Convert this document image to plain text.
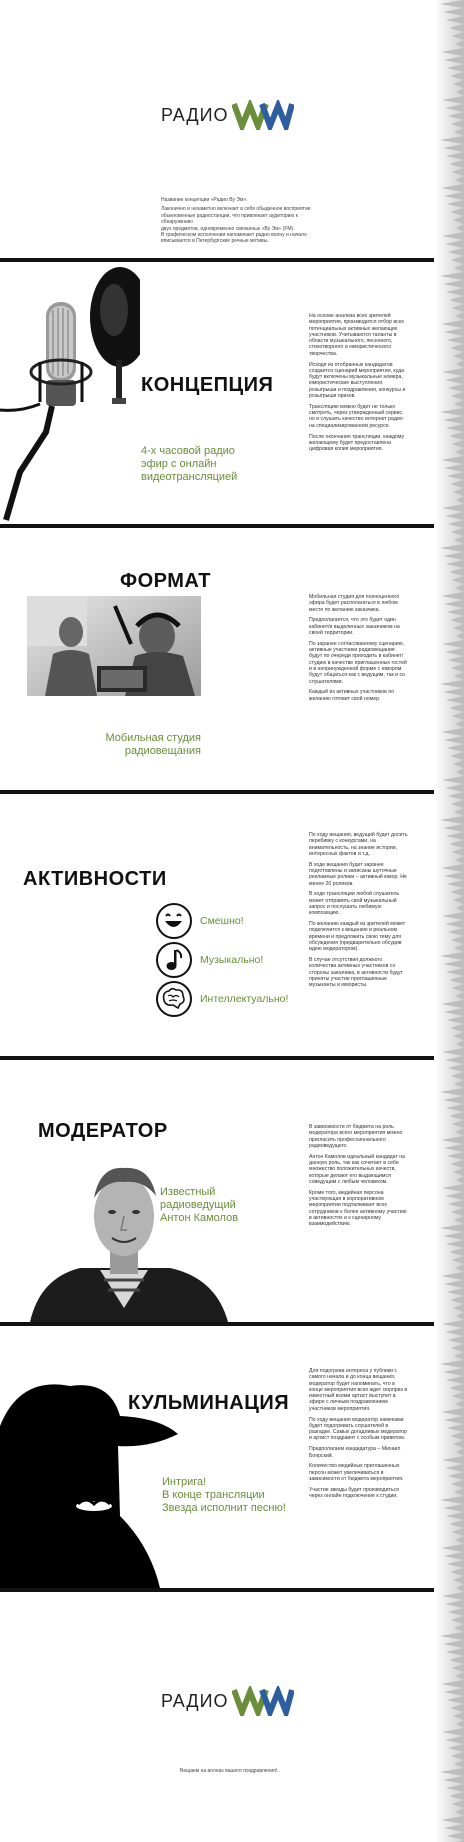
РАДИО
Название концепции «Радио Ву Эм».
Лаконично и незаметно включает в себя обыденное восприятие
обыкновенные радиостанции, что привлекает аудиторию к обнаружению
двух предметов, одновременно связанных «Ву Эм» (FM).
В графическом исполнении напоминает радио волну и начало
вписывается в Петербургские речные мотивы.
КОНЦЕПЦИЯ
4-х часовой радио
эфир с онлайн
видеотрансляцией

На основе анализа всех зрителей мероприятия, производится отбор всех потенциальных активных желающих участников. Учитываются таланты в области музыкального, песенного, стихотворного и юмористического творчества.

Исходя из отобранных кандидатов создается сценарий мероприятия, куда будут включены музыкальные номера, юмористические выступления, розыгрыши и поздравления, конкурсы и розыгрыши призов.

Трансляцию можно будет не только смотреть, через утвержденный сервис, но и слушать качество интернет радио на специализированном ресурсе.

После окончания трансляции, каждому желающему будет предоставлена цифровая копия мероприятия.

ФОРМАТ
Мобильная студия
радиовещания

Мобильная студия для полноценного эфира будет располагаться в любом месте по желанию заказчика.

Предполагается, что это будет один кабинет/и выделенных заказчиком на своей территории.

По заранее согласованному сценарию, активные участники радиовещания будут по очереди приходить в кабинет/студию в качестве приглашенных гостей и в непринужденной форме с юмором будут общаться как с ведущим, так и со слушателями.

Каждый из активных участников по желанию готовит свой номер.

АКТИВНОСТИ
Смешно!
Музыкально!
Интеллектуально!

По ходу вещания, ведущий будет досить перебивку с конкурсами, на внимательность, на знание истории, интересных фактов и т.д.

В ходе вещания будет заранее подготовлены и записаны шуточные рекламные ролики – активный юмор. Не менее 20 роликов.

В ходе трансляции любой слушатель может отправить свой музыкальный запрос и послушать любимую композицию.

По желанию каждый из зрителей может подключится к вещанию и реальном времени и предложить свою тему для обсуждения (предварительно обсудив идею модератором).

В случае отсутствия должного количества активных участников со стороны заказчика, в активности будут приняты участие приглашенные музыканты и юмористы.

МОДЕРАТОР
Известный
радиоведущий
Антон Камолов

В зависимости от бюджета на роль модератора всего мероприятия можно пригласить профессионального радиоведущего.

Антон Камолов идеальный кандидат на данную роль, так как сочетает в себе множество положительных качеств, которые делают его выдающимся соведущим с любым человеком.

Кроме того, медийная персона участвующая в корпоративном мероприятии подталкивает всех сотрудников к более активному участию в активностях и к сценарному взаимодействию.

КУЛЬМИНАЦИЯ
Интрига!
В конце трансляции
Звезда исполнит песню!

Для подогрева интереса у публики с самого начала и до конца вещания, модератор будет напоминать, что в конце мероприятия всех ждет сюрприз и известный всеми артист выступит в эфире с личным поздравлением участников мероприятия.

По ходу вещания модератор намеками будет подогревать слушателей в разгадке. Самых догадливых модератор и артист поздравят с особым приветом.

Предполагаем кандидатура – Михаил Боярский.

Количество медийных приглашенных персон может увеличиваться в зависимости от бюджета мероприятия.

Участие звезды будет производиться через онлайн подключение к студии.

РАДИО
Вещаем на волнах вашего поздравления!..
